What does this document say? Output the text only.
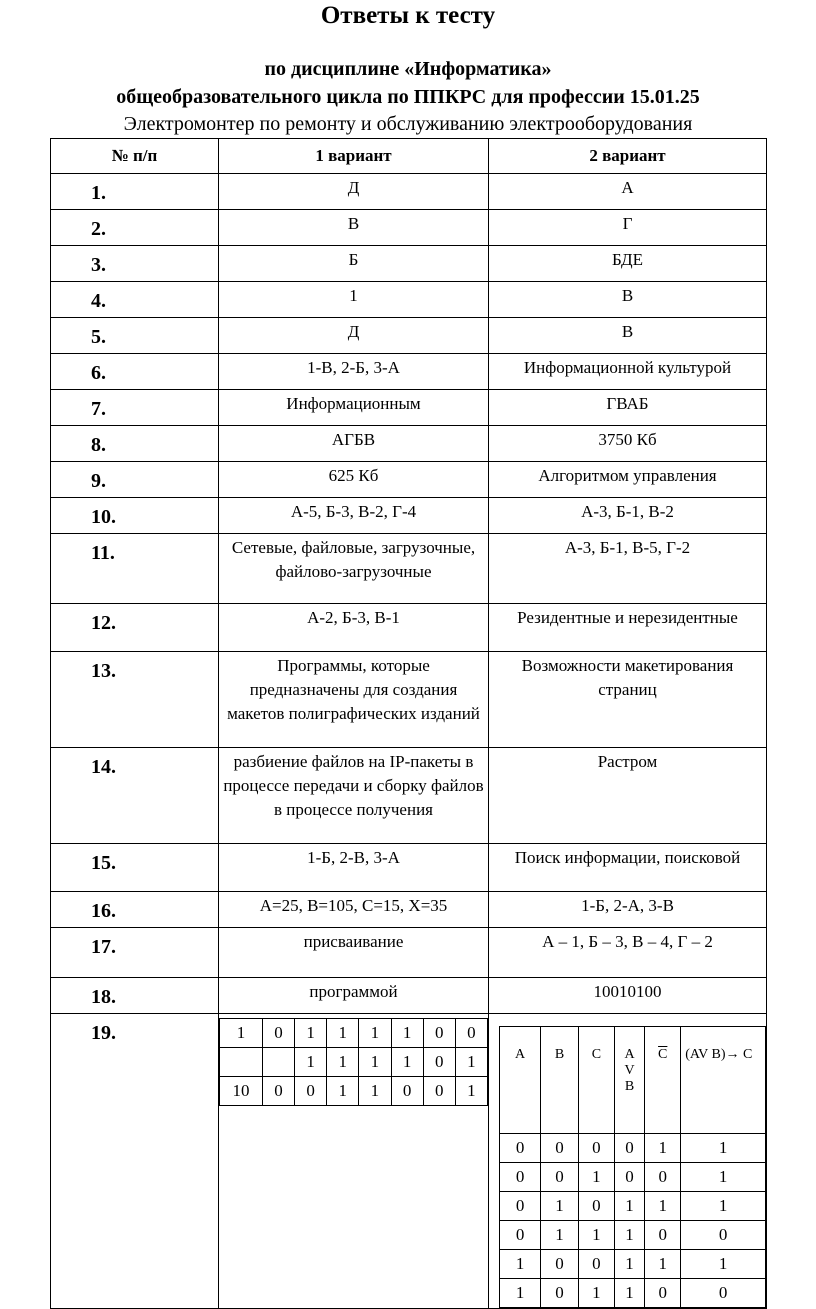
Ответы к тесту
по дисциплине «Информатика»
общеобразовательного цикла по ППКРС для профессии 15.01.25
Электромонтер по ремонту и обслуживанию электрооборудования
№ п/п	1 вариант	2 вариант
1.	Д	А
2.	В	Г
3.	Б	БДЕ
4.	1	В
5.	Д	В
6.	1-В, 2-Б, 3-А	Информационной культурой
7.	Информационным	ГВАБ
8.	АГБВ	3750 Кб
9.	625 Кб	Алгоритмом управления
10.	А-5, Б-3, В-2, Г-4	А-3, Б-1, В-2
11.	Сетевые, файловые, загрузочные, файлово-загрузочные	А-3, Б-1, В-5, Г-2
12.	А-2, Б-3, В-1	Резидентные и нерезидентные
13.	Программы, которые предназначены для создания макетов полиграфических изданий	Возможности макетирования страниц
14.	разбиение файлов на IP-пакеты в процессе передачи и сборку файлов в процессе получения	Растром
15.	1-Б, 2-В, 3-А	Поиск информации, поисковой
16.	A=25, B=105, C=15, X=35	1-Б, 2-А, 3-В
17.	присваивание	А – 1, Б – 3, В – 4, Г – 2
18.	программой	10010100
19.		1	0	1	1	1	1	0	0
		1	1	1	1	0	1
10	0	0	1	1	0	0	1

A	B	C	A V B	$\overline{C}$	(AV B)→ C
0	0	0	0	1	1
0	0	1	0	0	1
0	1	0	1	1	1
0	1	1	1	0	0
1	0	0	1	1	1
1	0	1	1	0	0
